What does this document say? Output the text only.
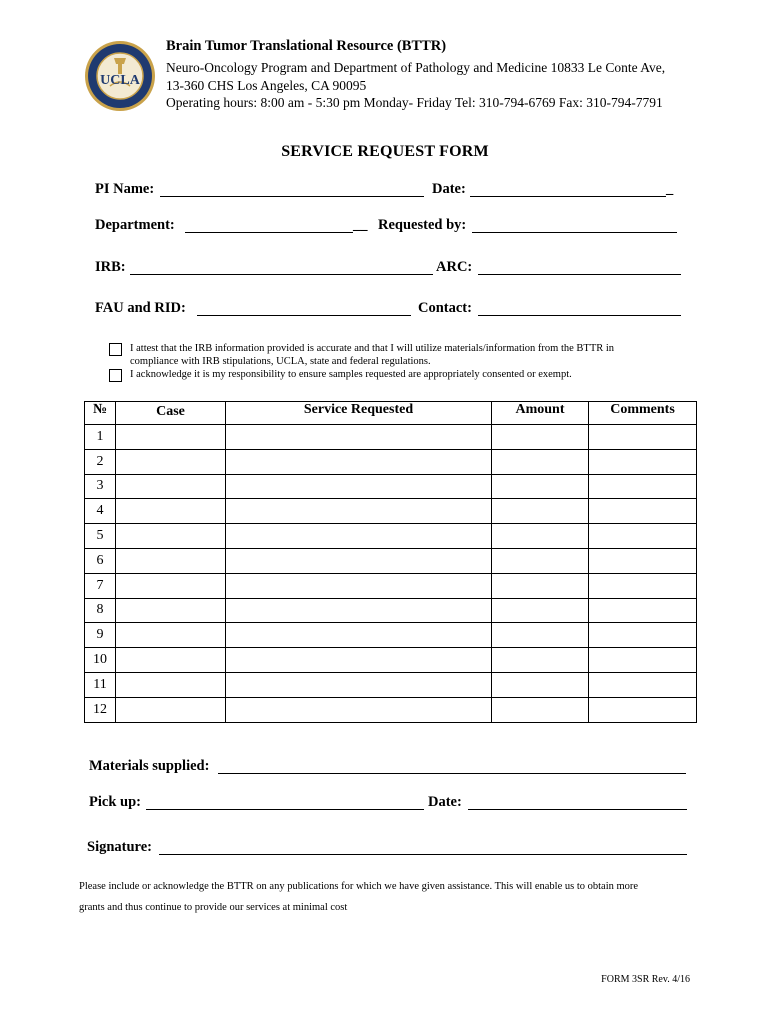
UCLA
Brain Tumor Translational Resource (BTTR)
Neuro-Oncology Program and Department of Pathology and Medicine 10833 Le Conte Ave,
13-360 CHS Los Angeles, CA 90095
Operating hours: 8:00 am - 5:30 pm Monday- Friday Tel: 310-794-6769 Fax: 310-794-7791
SERVICE REQUEST FORM
PI Name:	Date:	_
Department:	__ Requested by:
IRB:	ARC:
FAU and RID:	Contact:
I attest that the IRB information provided is accurate and that I will utilize materials/information from the BTTR in
compliance with IRB stipulations, UCLA, state and federal regulations.
I acknowledge it is my responsibility to ensure samples requested are appropriately consented or exempt.
№	Case	Service Requested	Amount	Comments
1				
2				
3				
4				
5				
6				
7				
8				
9				
10				
11				
12				
Materials supplied:
Pick up:	Date:
Signature:
Please include or acknowledge the BTTR on any publications for which we have given assistance. This will enable us to obtain more
grants and thus continue to provide our services at minimal cost
FORM 3SR Rev. 4/16
